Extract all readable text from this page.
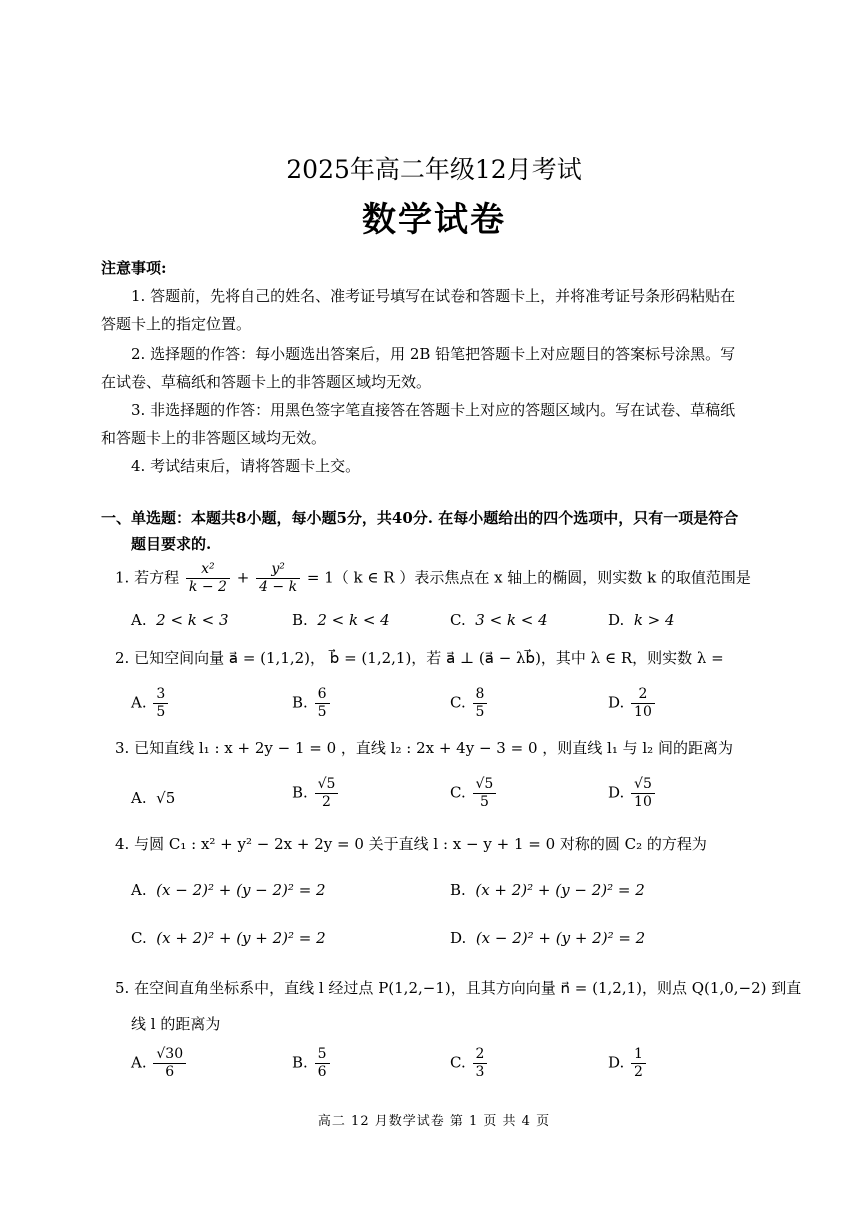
2025年高二年级12月考试
数学试卷
注意事项:
1. 答题前，先将自己的姓名、准考证号填写在试卷和答题卡上，并将准考证号条形码粘贴在
答题卡上的指定位置。
2. 选择题的作答：每小题选出答案后，用 2B 铅笔把答题卡上对应题目的答案标号涂黑。写
在试卷、草稿纸和答题卡上的非答题区域均无效。
3. 非选择题的作答：用黑色签字笔直接答在答题卡上对应的答题区域内。写在试卷、草稿纸
和答题卡上的非答题区域均无效。
4. 考试结束后，请将答题卡上交。
一、单选题：本题共8小题，每小题5分，共40分. 在每小题给出的四个选项中，只有一项是符合
题目要求的.
1. 若方程 $\frac{\text{x²}}{k - 2} + \frac{\text{y²}}{4 - k} = 1$（ k ∈ R ）表示焦点在 x 轴上的椭圆，则实数 k 的取值范围是
A. 2 < k < 3	B. 2 < k < 4	C. 3 < k < 4	D. k > 4
2. 已知空间向量 a⃗ = (1,1,2)， b⃗ = (1,2,1)，若 a⃗ ⊥ (a⃗ − λb⃗)，其中 λ ∈ R，则实数 λ =
A. $\frac{3}{5}$	B. $\frac{6}{5}$	C. $\frac{8}{5}$	D. $\frac{2}{10}$
3. 已知直线 l₁ : x + 2y − 1 = 0 ，直线 l₂ : 2x + 4y − 3 = 0 ，则直线 l₁ 与 l₂ 间的距离为
A. √5	B. $\frac{√5}{2}$	C. $\frac{√5}{5}$	D. $\frac{√5}{10}$
4. 与圆 C₁ : x² + y² − 2x + 2y = 0 关于直线 l : x − y + 1 = 0 对称的圆 C₂ 的方程为
A. (x − 2)² + (y − 2)² = 2	B. (x + 2)² + (y − 2)² = 2
C. (x + 2)² + (y + 2)² = 2	D. (x − 2)² + (y + 2)² = 2
5. 在空间直角坐标系中，直线 l 经过点 P(1,2,−1)，且其方向向量 n⃗ = (1,2,1)，则点 Q(1,0,−2) 到直
线 l 的距离为
A. $\frac{√30}{6}$	B. $\frac{5}{6}$	C. $\frac{2}{3}$	D. $\frac{1}{2}$
高二 12 月数学试卷 第 1 页 共 4 页
